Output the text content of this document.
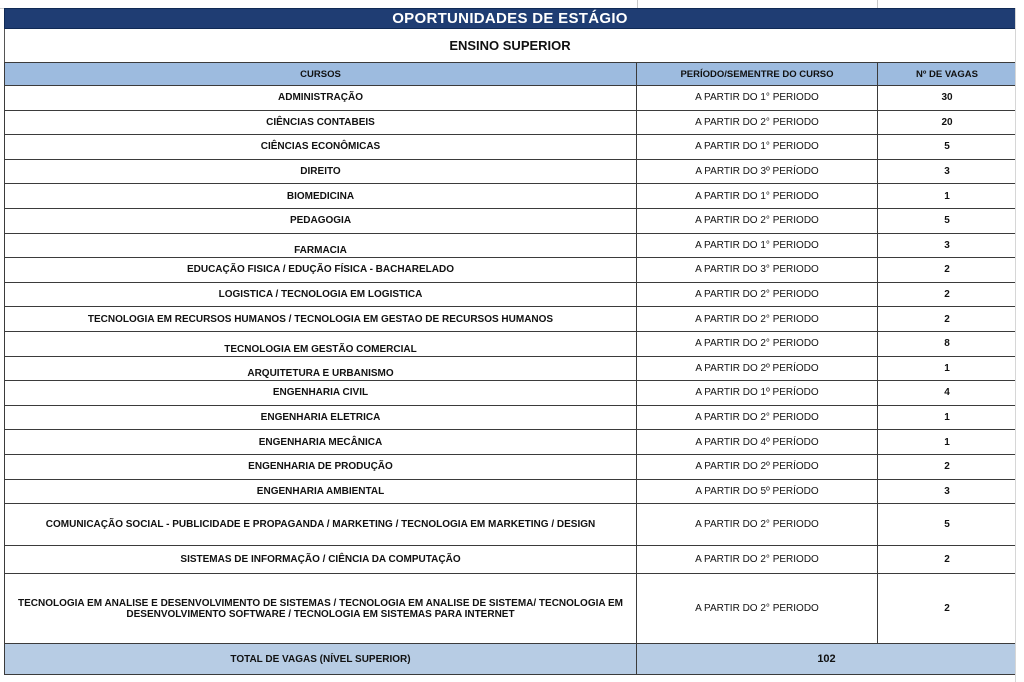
OPORTUNIDADES DE ESTÁGIO
ENSINO SUPERIOR
CURSOS	PERÍODO/SEMENTRE DO CURSO	Nº DE VAGAS
ADMINISTRAÇÃO	A PARTIR DO 1° PERIODO	30
CIÊNCIAS CONTABEIS	A PARTIR DO 2° PERIODO	20
CIÊNCIAS ECONÔMICAS	A PARTIR DO 1° PERIODO	5
DIREITO	A PARTIR DO 3º PERÍODO	3
BIOMEDICINA	A PARTIR DO 1° PERIODO	1
PEDAGOGIA	A PARTIR DO 2° PERIODO	5
FARMACIA	A PARTIR DO 1° PERIODO	3
EDUCAÇÃO FISICA / EDUÇÃO FÍSICA - BACHARELADO	A PARTIR DO 3° PERIODO	2
LOGISTICA / TECNOLOGIA EM LOGISTICA	A PARTIR DO 2° PERIODO	2
TECNOLOGIA EM RECURSOS HUMANOS / TECNOLOGIA EM GESTAO DE RECURSOS HUMANOS	A PARTIR DO 2° PERIODO	2
TECNOLOGIA EM GESTÃO COMERCIAL	A PARTIR DO 2° PERIODO	8
ARQUITETURA E URBANISMO	A PARTIR DO 2º PERÍODO	1
ENGENHARIA CIVIL	A PARTIR DO 1º PERÍODO	4
ENGENHARIA ELETRICA	A PARTIR DO 2° PERIODO	1
ENGENHARIA MECÂNICA	A PARTIR DO 4º PERÍODO	1
ENGENHARIA DE PRODUÇÃO	A PARTIR DO 2º PERÍODO	2
ENGENHARIA AMBIENTAL	A PARTIR DO 5º PERÍODO	3
COMUNICAÇÃO SOCIAL - PUBLICIDADE E PROPAGANDA / MARKETING / TECNOLOGIA EM MARKETING / DESIGN	A PARTIR DO 2° PERIODO	5
SISTEMAS DE INFORMAÇÃO / CIÊNCIA DA COMPUTAÇÃO	A PARTIR DO 2° PERIODO	2
TECNOLOGIA EM ANALISE E DESENVOLVIMENTO DE SISTEMAS / TECNOLOGIA EM ANALISE DE SISTEMA/ TECNOLOGIA EM DESENVOLVIMENTO SOFTWARE / TECNOLOGIA EM SISTEMAS PARA INTERNET	A PARTIR DO 2° PERIODO	2
TOTAL DE VAGAS (NÍVEL SUPERIOR)	102	
